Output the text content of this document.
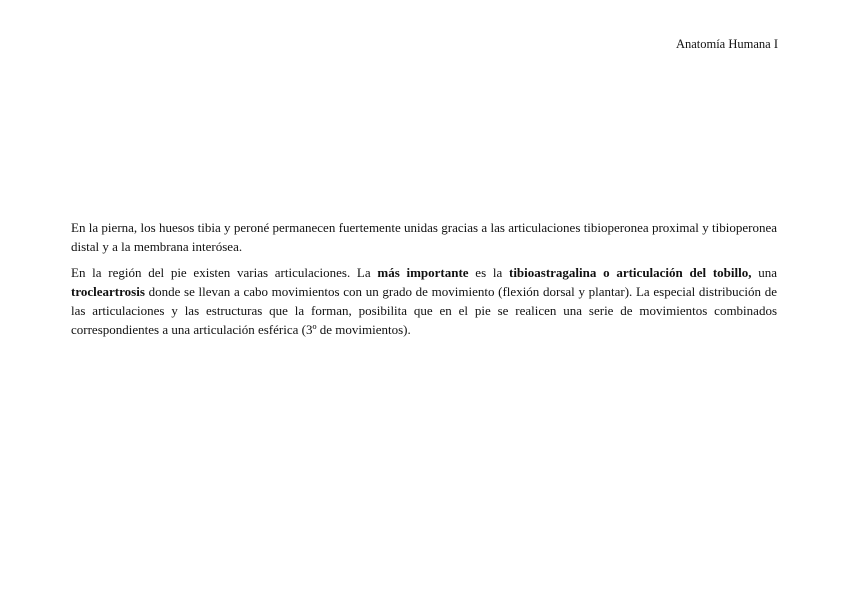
Anatomía Humana I

En la pierna, los huesos tibia y peroné permanecen fuertemente unidas gracias a las articulaciones tibioperonea proximal y tibioperonea distal y a la membrana interósea.

En la región del pie existen varias articulaciones. La más importante es la tibioastragalina o articulación del tobillo, una trocleartrosis donde se llevan a cabo movimientos con un grado de movimiento (flexión dorsal y plantar). La especial distribución de las articulaciones y las estructuras que la forman, posibilita que en el pie se realicen una serie de movimientos combinados correspondientes a una articulación esférica (3º de movimientos).
